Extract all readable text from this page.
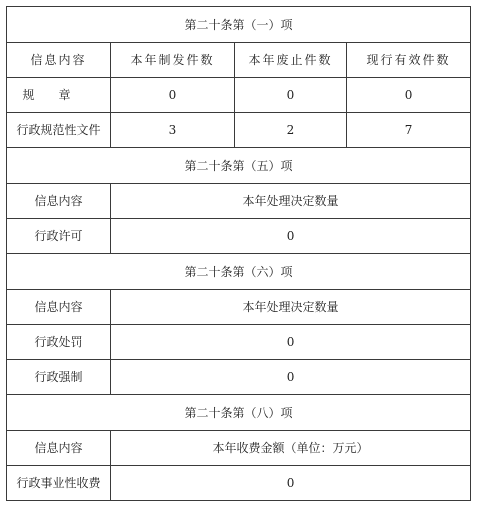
第二十条第（一）项			
信息内容	本年制发件数	本年废止件数	现行有效件数
规章	0	0	0
行政规范性文件	3	2	7
第二十条第（五）项			
信息内容	本年处理决定数量		
行政许可	0		
第二十条第（六）项			
信息内容	本年处理决定数量		
行政处罚	0		
行政强制	0		
第二十条第（八）项			
信息内容	本年收费金额（单位：万元）		
行政事业性收费	0		
